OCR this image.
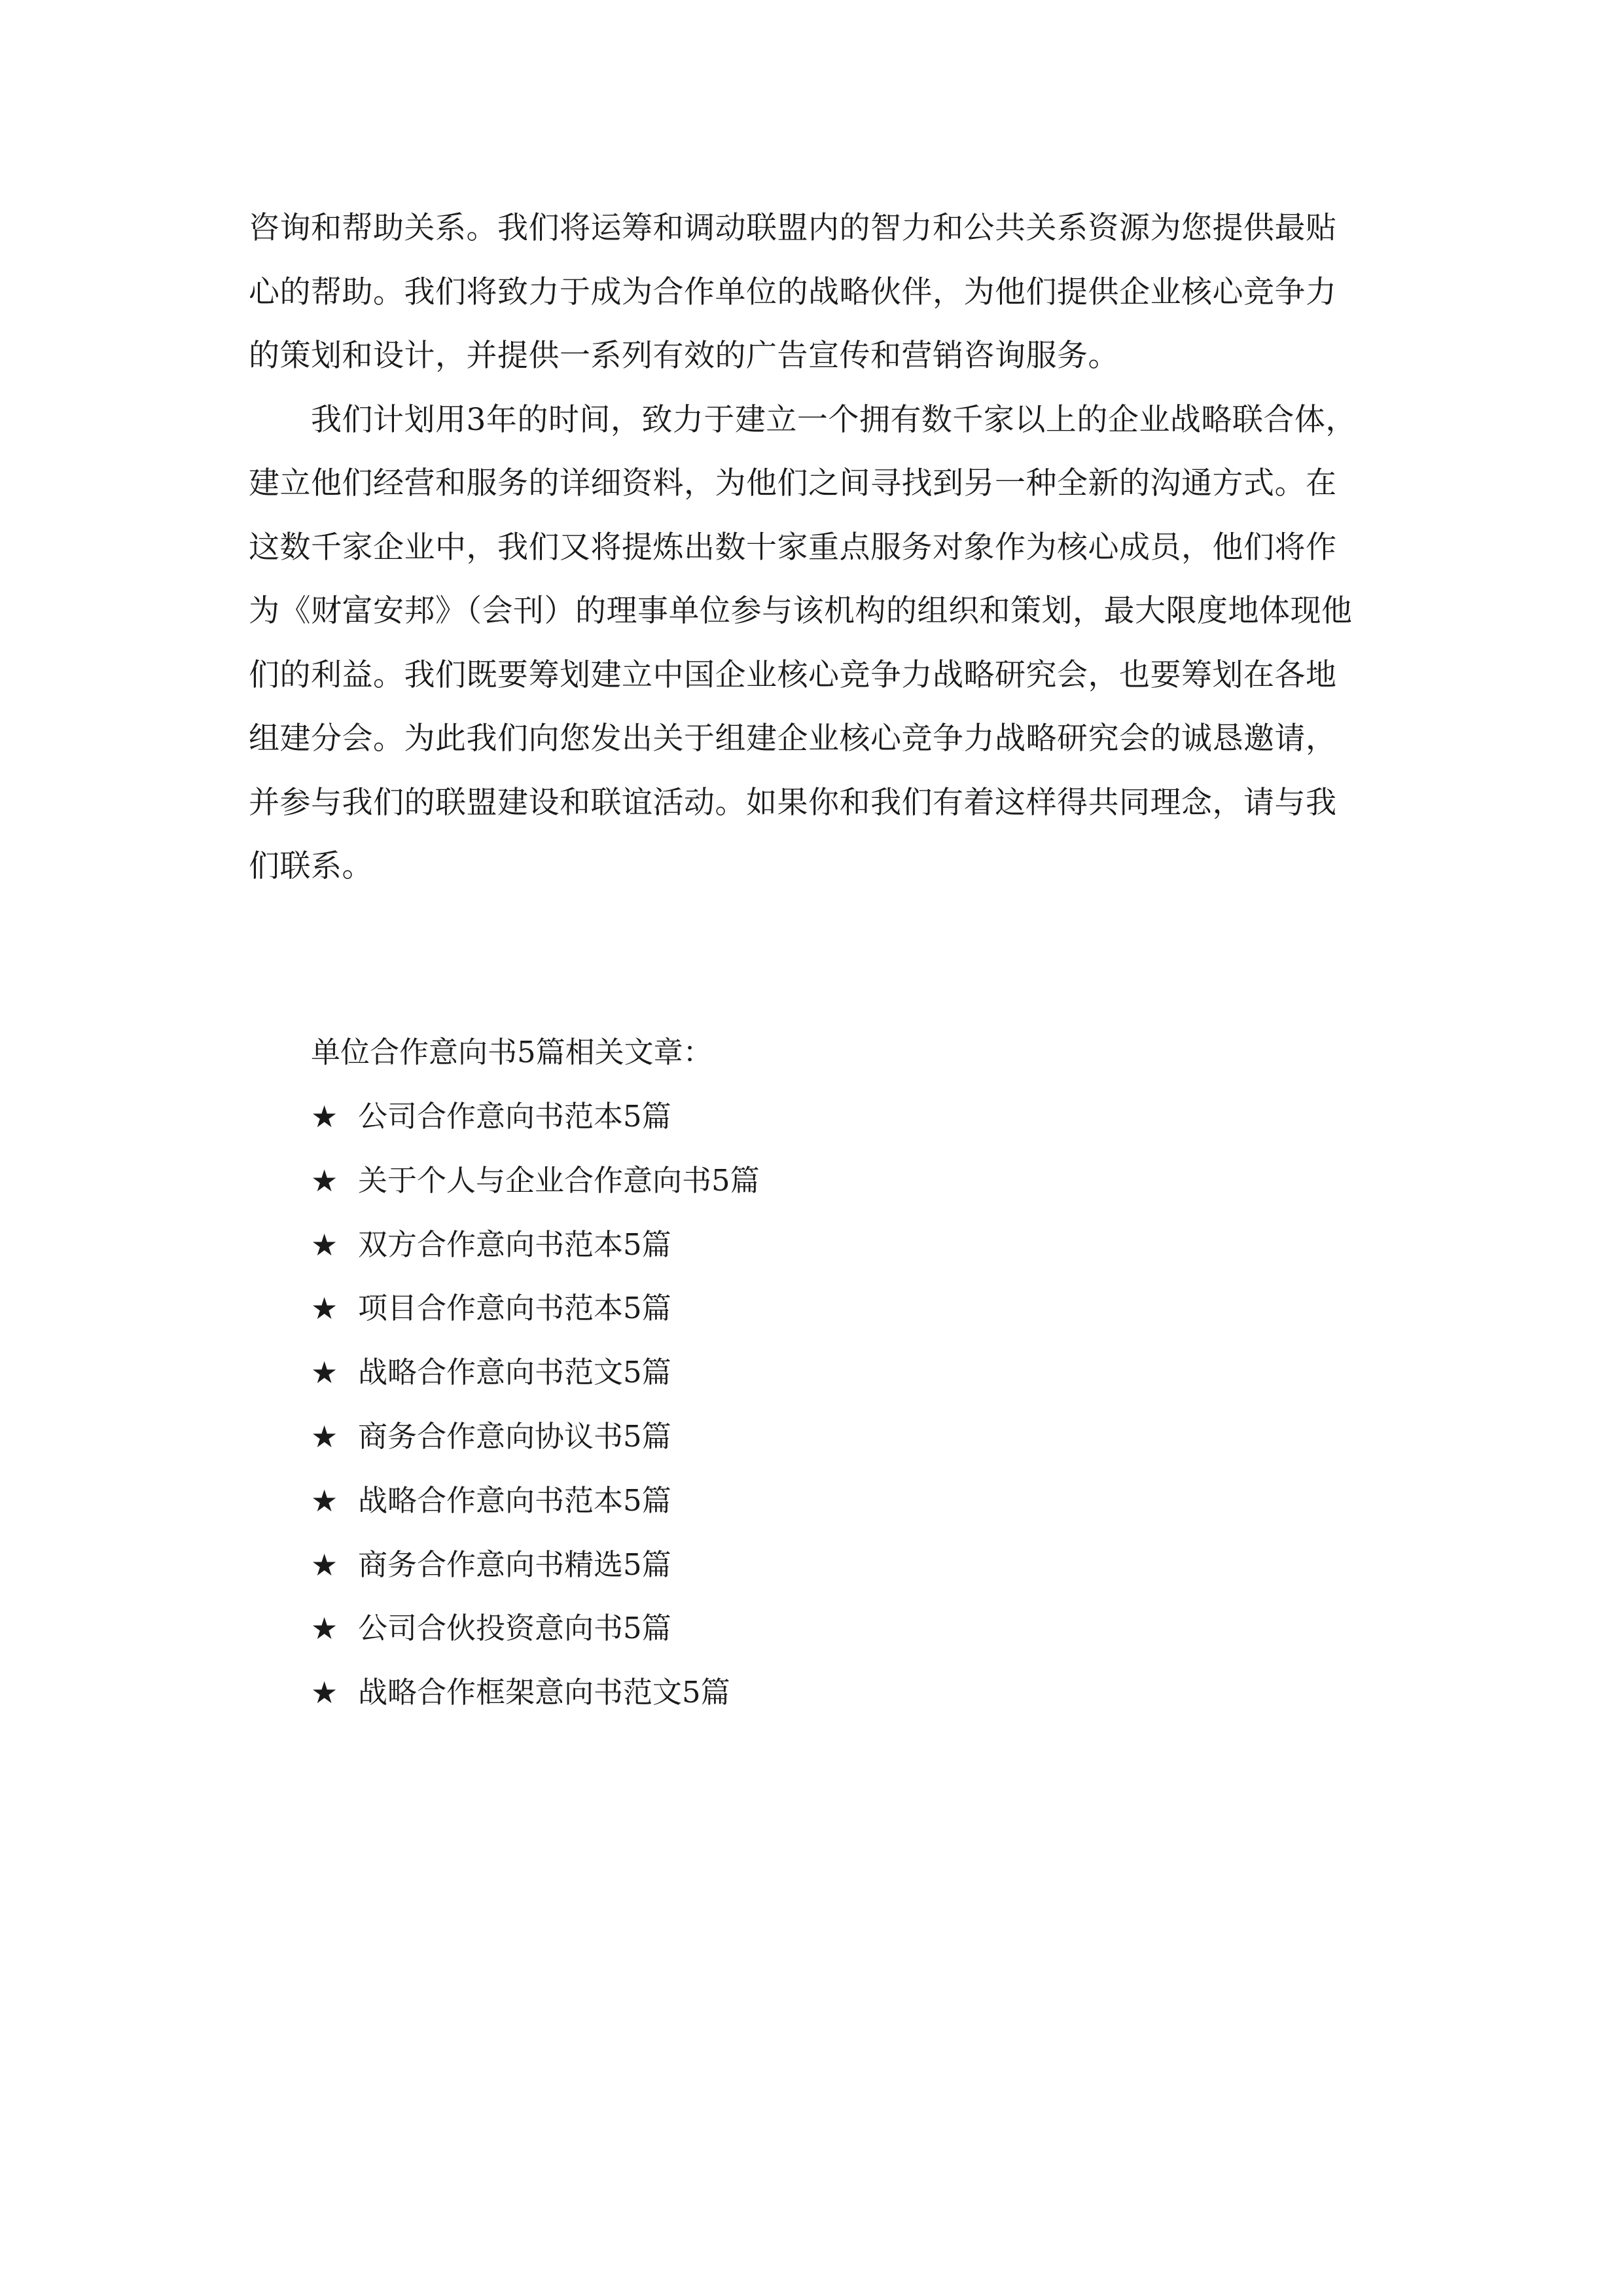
咨询和帮助关系。我们将运筹和调动联盟内的智力和公共关系资源为您提供最贴
心的帮助。我们将致力于成为合作单位的战略伙伴，为他们提供企业核心竞争力
的策划和设计，并提供一系列有效的广告宣传和营销咨询服务。
我们计划用3年的时间，致力于建立一个拥有数千家以上的企业战略联合体，
建立他们经营和服务的详细资料，为他们之间寻找到另一种全新的沟通方式。在
这数千家企业中，我们又将提炼出数十家重点服务对象作为核心成员，他们将作
为《财富安邦》（会刊）的理事单位参与该机构的组织和策划，最大限度地体现他
们的利益。我们既要筹划建立中国企业核心竞争力战略研究会，也要筹划在各地
组建分会。为此我们向您发出关于组建企业核心竞争力战略研究会的诚恳邀请，
并参与我们的联盟建设和联谊活动。如果你和我们有着这样得共同理念，请与我
们联系。
单位合作意向书5篇相关文章：
★ 公司合作意向书范本5篇
★ 关于个人与企业合作意向书5篇
★ 双方合作意向书范本5篇
★ 项目合作意向书范本5篇
★ 战略合作意向书范文5篇
★ 商务合作意向协议书5篇
★ 战略合作意向书范本5篇
★ 商务合作意向书精选5篇
★ 公司合伙投资意向书5篇
★ 战略合作框架意向书范文5篇
